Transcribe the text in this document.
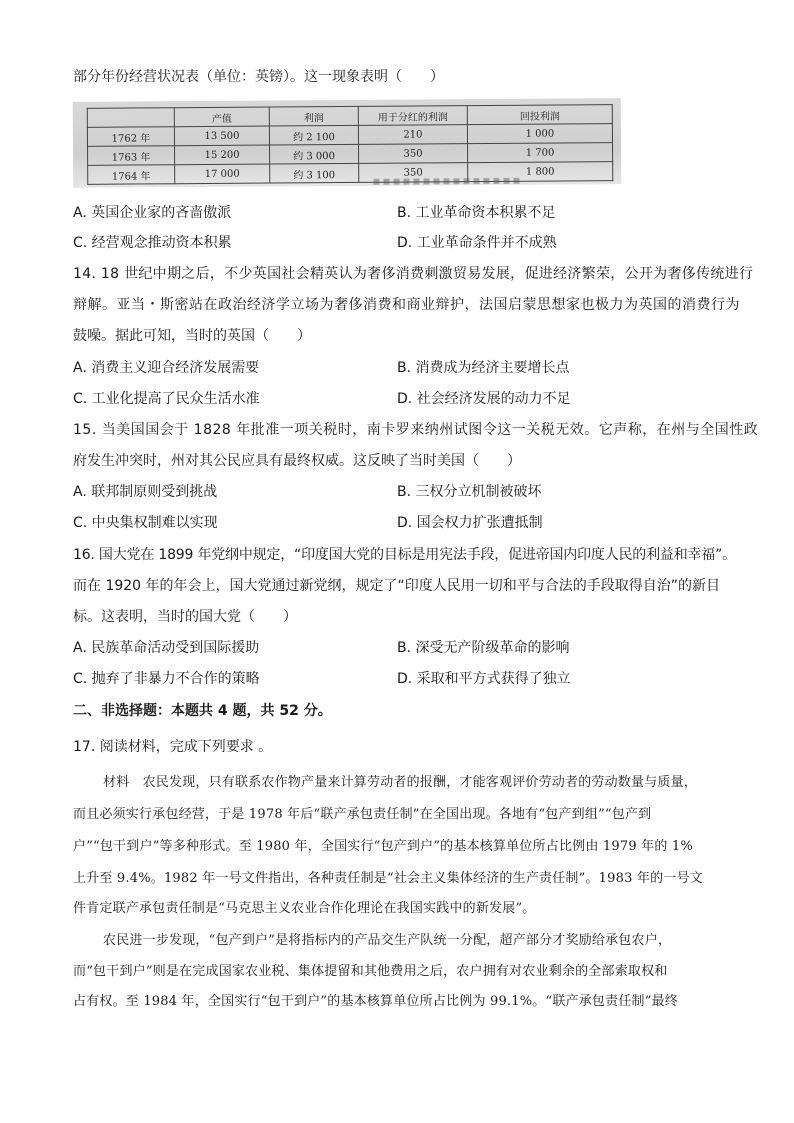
部分年份经营状况表（单位：英镑）。这一现象表明（　　）
	产值	利润	用于分红的利润	回投利润
1762 年	13 500	约 2 100	210	1 000
1763 年	15 200	约 3 000	350	1 700
1764 年	17 000	约 3 100	350	1 800
A. 英国企业家的吝啬傲派	B. 工业革命资本积累不足
C. 经营观念推动资本积累	D. 工业革命条件并不成熟
14. 18 世纪中期之后，不少英国社会精英认为奢侈消费刺激贸易发展，促进经济繁荣，公开为奢侈传统进行
辩解。亚当・斯密站在政治经济学立场为奢侈消费和商业辩护，法国启蒙思想家也极力为英国的消费行为
鼓噪。据此可知，当时的英国（　　）
A. 消费主义迎合经济发展需要	B. 消费成为经济主要增长点
C. 工业化提高了民众生活水准	D. 社会经济发展的动力不足
15. 当美国国会于 1828 年批准一项关税时，南卡罗来纳州试图令这一关税无效。它声称，在州与全国性政
府发生冲突时，州对其公民应具有最终权威。这反映了当时美国（　　）
A. 联邦制原则受到挑战	B. 三权分立机制被破坏
C. 中央集权制难以实现	D. 国会权力扩张遭抵制
16. 国大党在 1899 年党纲中规定，“印度国大党的目标是用宪法手段，促进帝国内印度人民的利益和幸福”。
而在 1920 年的年会上，国大党通过新党纲，规定了“印度人民用一切和平与合法的手段取得自治”的新目
标。这表明，当时的国大党（　　）
A. 民族革命活动受到国际援助	B. 深受无产阶级革命的影响
C. 抛弃了非暴力不合作的策略	D. 采取和平方式获得了独立
二、非选择题：本题共 4 题，共 52 分。
17. 阅读材料，完成下列要求 。
材料　农民发现，只有联系农作物产量来计算劳动者的报酬，才能客观评价劳动者的劳动数量与质量，
而且必须实行承包经营，于是 1978 年后“联产承包责任制”在全国出现。各地有“包产到组”“包产到
户”“包干到户”等多种形式。至 1980 年，全国实行“包产到户”的基本核算单位所占比例由 1979 年的 1%
上升至 9.4%。1982 年一号文件指出，各种责任制是“社会主义集体经济的生产责任制”。1983 年的一号文
件肯定联产承包责任制是“马克思主义农业合作化理论在我国实践中的新发展”。
农民进一步发现，“包产到户”是将指标内的产品交生产队统一分配，超产部分才奖励给承包农户，
而“包干到户”则是在完成国家农业税、集体提留和其他费用之后，农户拥有对农业剩余的全部索取权和
占有权。至 1984 年，全国实行“包干到户”的基本核算单位所占比例为 99.1%。“联产承包责任制”最终
